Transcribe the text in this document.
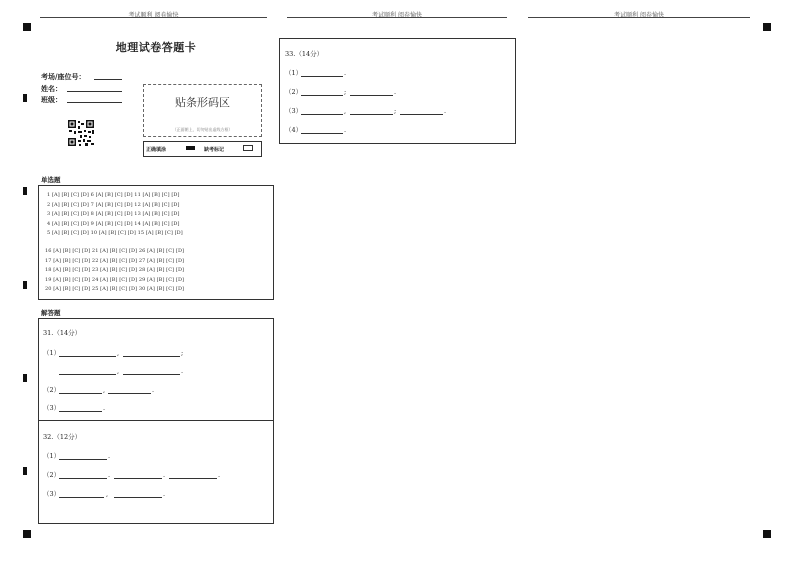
考试顺利 阅卷愉快	考试顺利 阅卷愉快	考试顺利 阅卷愉快
地理试卷答题卡
考场/座位号：
姓名：
班级：	贴条形码区
（正面朝上，切勿贴出虚线方框）
正确填涂	缺考标记
单选题
1 [A] [B] [C] [D] 6 [A] [B] [C] [D] 11 [A] [B] [C] [D]
2 [A] [B] [C] [D] 7 [A] [B] [C] [D] 12 [A] [B] [C] [D]
3 [A] [B] [C] [D] 8 [A] [B] [C] [D] 13 [A] [B] [C] [D]
4 [A] [B] [C] [D] 9 [A] [B] [C] [D] 14 [A] [B] [C] [D]
5 [A] [B] [C] [D] 10 [A] [B] [C] [D] 15 [A] [B] [C] [D]
16 [A] [B] [C] [D] 21 [A] [B] [C] [D] 26 [A] [B] [C] [D]
17 [A] [B] [C] [D] 22 [A] [B] [C] [D] 27 [A] [B] [C] [D]
18 [A] [B] [C] [D] 23 [A] [B] [C] [D] 28 [A] [B] [C] [D]
19 [A] [B] [C] [D] 24 [A] [B] [C] [D] 29 [A] [B] [C] [D]
20 [A] [B] [C] [D] 25 [A] [B] [C] [D] 30 [A] [B] [C] [D]
解答题
31.（14分）
（1）	,	;
,	.
（2）	,	.
（3）	.
32.（12分）
（1）	.
（2）	.	.	.
（3）	,	.
33.（14分）
（1）	.
（2）	;	.
（3）	,	;	.
（4）	.
